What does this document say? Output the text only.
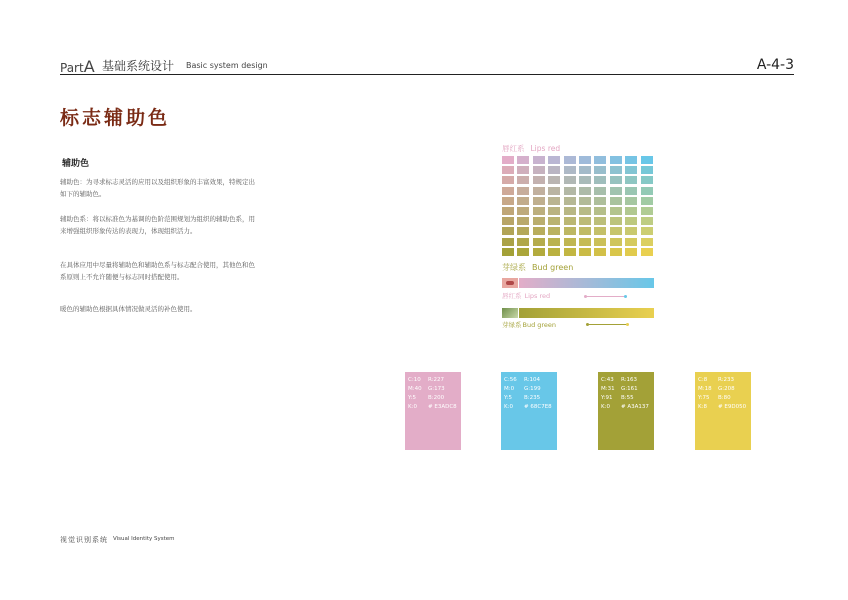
PartA 基础系统设计 Basic system design	A-4-3
标志辅助色
辅助色
辅助色：为寻求标志灵活的应用以及组织形象的丰富效果，特规定出如下的辅助色。
辅助色系：将以标准色为基调的色阶范围规划为组织的辅助色系，用来增强组织形象传达的表现力，体现组织活力。
在具体应用中尽量将辅助色和辅助色系与标志配合使用，其他色和色系原则上不允许随便与标志同时搭配使用。
暖色的辅助色根据具体情况做灵活的补色使用。
唇红系 Lips red
芽绿系 Bud green
唇红系 Lips red
芽绿系Bud green
C:10 R:227
M:40 G:173
Y:5 B:200
K:0 # E3ADC8
C:56 R:104
M:0 G:199
Y:5 B:235
K:0 # 68C7E8
C:43 R:163
M:31 G:161
Y:91 B:55
K:0 # A3A137
C:8 R:233
M:18 G:208
Y:75 B:80
K:8 # E9D050
视觉识别系统 Visual Identity System
